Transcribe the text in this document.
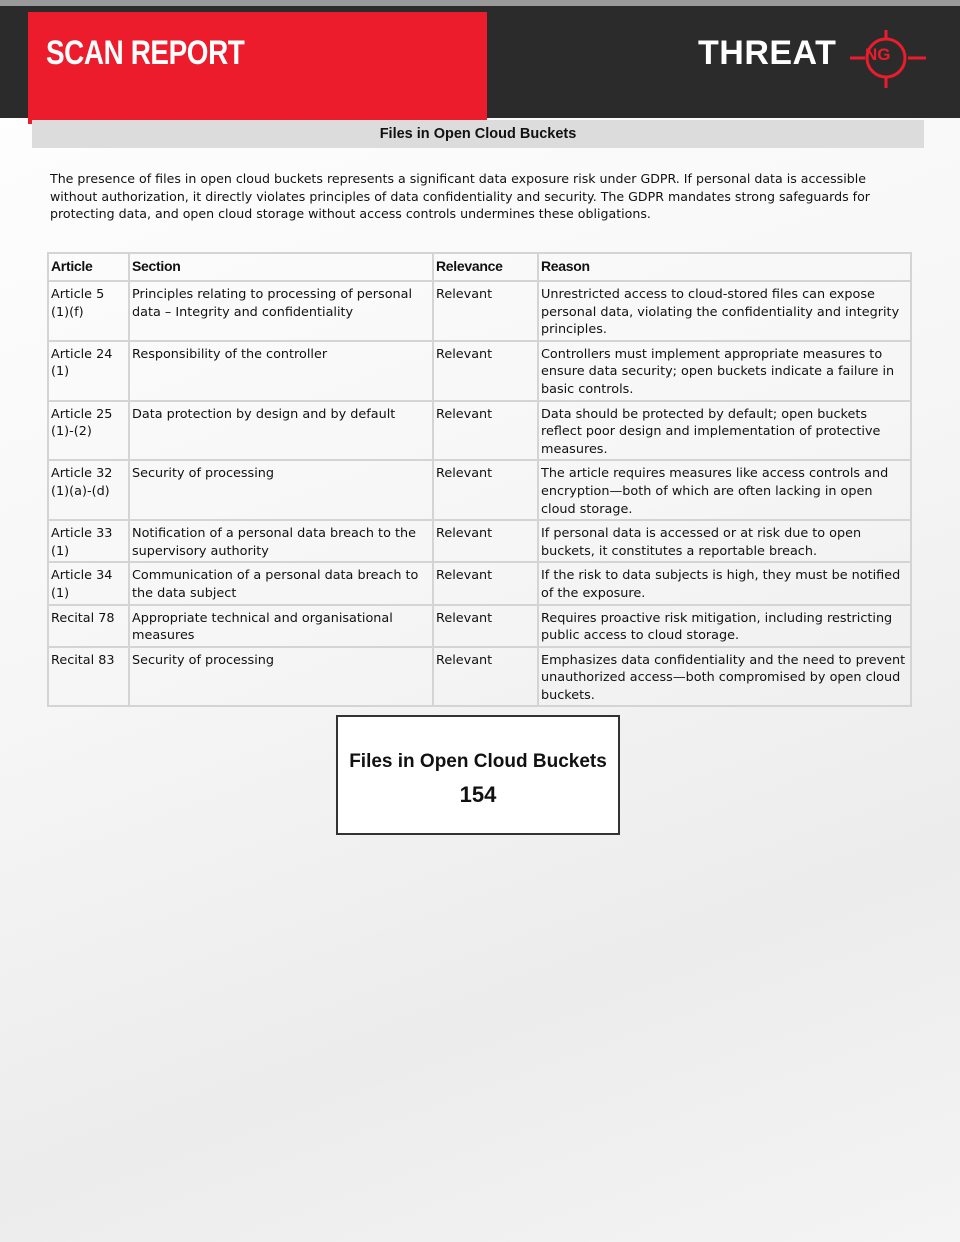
SCAN REPORT	THREAT NG
Files in Open Cloud Buckets

The presence of files in open cloud buckets represents a significant data exposure risk under GDPR. If personal data is accessible without authorization, it directly violates principles of data confidentiality and security. The GDPR mandates strong safeguards for protecting data, and open cloud storage without access controls undermines these obligations.

Article	Section	Relevance	Reason
Article 5 (1)(f)	Principles relating to processing of personal data – Integrity and confidentiality	Relevant	Unrestricted access to cloud-stored files can expose personal data, violating the confidentiality and integrity principles.
Article 24 (1)	Responsibility of the controller	Relevant	Controllers must implement appropriate measures to ensure data security; open buckets indicate a failure in basic controls.
Article 25 (1)-(2)	Data protection by design and by default	Relevant	Data should be protected by default; open buckets reflect poor design and implementation of protective measures.
Article 32 (1)(a)-(d)	Security of processing	Relevant	The article requires measures like access controls and encryption—both of which are often lacking in open cloud storage.
Article 33 (1)	Notification of a personal data breach to the supervisory authority	Relevant	If personal data is accessed or at risk due to open buckets, it constitutes a reportable breach.
Article 34 (1)	Communication of a personal data breach to the data subject	Relevant	If the risk to data subjects is high, they must be notified of the exposure.
Recital 78	Appropriate technical and organisational measures	Relevant	Requires proactive risk mitigation, including restricting public access to cloud storage.
Recital 83	Security of processing	Relevant	Emphasizes data confidentiality and the need to prevent unauthorized access—both compromised by open cloud buckets.
Files in Open Cloud Buckets
154
